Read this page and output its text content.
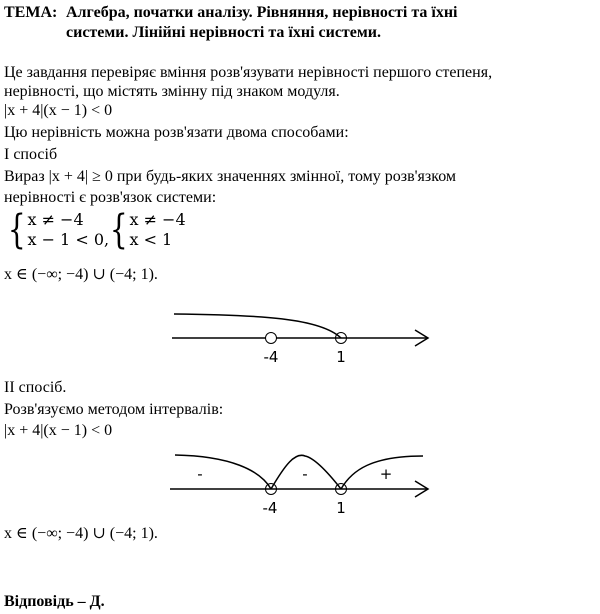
ТЕМА: Алгебра, початки аналізу. Рівняння, нерівності та їхні
системи. Лінійні нерівності та їхні системи.
Це завдання перевіряє вміння розв'язувати нерівності першого степеня,
нерівності, що містять змінну під знаком модуля.
|x + 4|(x − 1) < 0
Цю нерівність можна розв'язати двома способами:
І спосіб
Вираз |x + 4| ≥ 0 при будь-яких значеннях змінної, тому розв'язком
нерівності є розв'язок системи:
{ x ≠ −4
x − 1 < 0, { x ≠ −4
x < 1
x ∈ (−∞; −4) ∪ (−4; 1).
-4	1
-	-	+
-4	1
ІІ спосіб.
Розв'язуємо методом інтервалів:
|x + 4|(x − 1) < 0
x ∈ (−∞; −4) ∪ (−4; 1).
Відповідь – Д.
